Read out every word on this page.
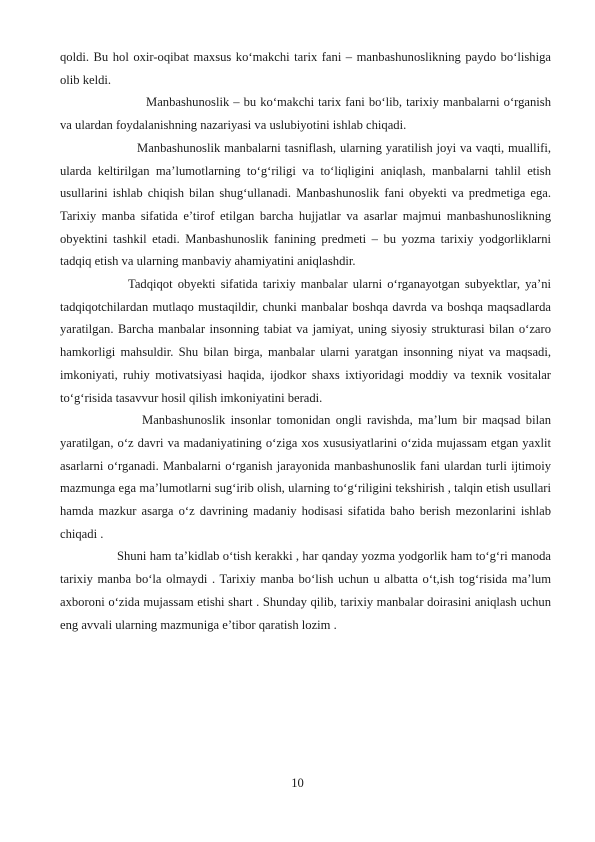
qoldi. Bu hol oxir-oqibat maxsus ko‘makchi tarix fani – manbashunoslikning paydo bo‘lishiga olib keldi.

Manbashunoslik – bu ko‘makchi tarix fani bo‘lib, tarixiy manbalarni o‘rganish va ulardan foydalanishning nazariyasi va uslubiyotini ishlab chiqadi.

Manbashunoslik manbalarni tasniflash, ularning yaratilish joyi va vaqti, muallifi, ularda keltirilgan ma’lumotlarning to‘g‘riligi va to‘liqligini aniqlash, manbalarni tahlil etish usullarini ishlab chiqish bilan shug‘ullanadi. Manbashunoslik fani obyekti va predmetiga ega. Tarixiy manba sifatida e’tirof etilgan barcha hujjatlar va asarlar majmui manbashunoslikning obyektini tashkil etadi. Manbashunoslik fanining predmeti – bu yozma tarixiy yodgorliklarni tadqiq etish va ularning manbaviy ahamiyatini aniqlashdir.

Tadqiqot obyekti sifatida tarixiy manbalar ularni o‘rganayotgan subyektlar, ya’ni tadqiqotchilardan mutlaqo mustaqildir, chunki manbalar boshqa davrda va boshqa maqsadlarda yaratilgan. Barcha manbalar insonning tabiat va jamiyat, uning siyosiy strukturasi bilan o‘zaro hamkorligi mahsuldir. Shu bilan birga, manbalar ularni yaratgan insonning niyat va maqsadi, imkoniyati, ruhiy motivatsiyasi haqida, ijodkor shaxs ixtiyoridagi moddiy va texnik vositalar to‘g‘risida tasavvur hosil qilish imkoniyatini beradi.

Manbashunoslik insonlar tomonidan ongli ravishda, ma’lum bir maqsad bilan yaratilgan, o‘z davri va madaniyatining o‘ziga xos xususiyatlarini o‘zida mujassam etgan yaxlit asarlarni o‘rganadi. Manbalarni o‘rganish jarayonida manbashunoslik fani ulardan turli ijtimoiy mazmunga ega ma’lumotlarni sug‘irib olish, ularning to‘g‘riligini tekshirish , talqin etish usullari hamda mazkur asarga o‘z davrining madaniy hodisasi sifatida baho berish mezonlarini ishlab chiqadi .

Shuni ham ta’kidlab o‘tish kerakki , har qanday yozma yodgorlik ham to‘g‘ri manoda tarixiy manba bo‘la olmaydi . Tarixiy manba bo‘lish uchun u albatta o‘t,ish tog‘risida ma’lum axboroni o‘zida mujassam etishi shart . Shunday qilib, tarixiy manbalar doirasini aniqlash uchun eng avvali ularning mazmuniga e’tibor qaratish lozim .

10
